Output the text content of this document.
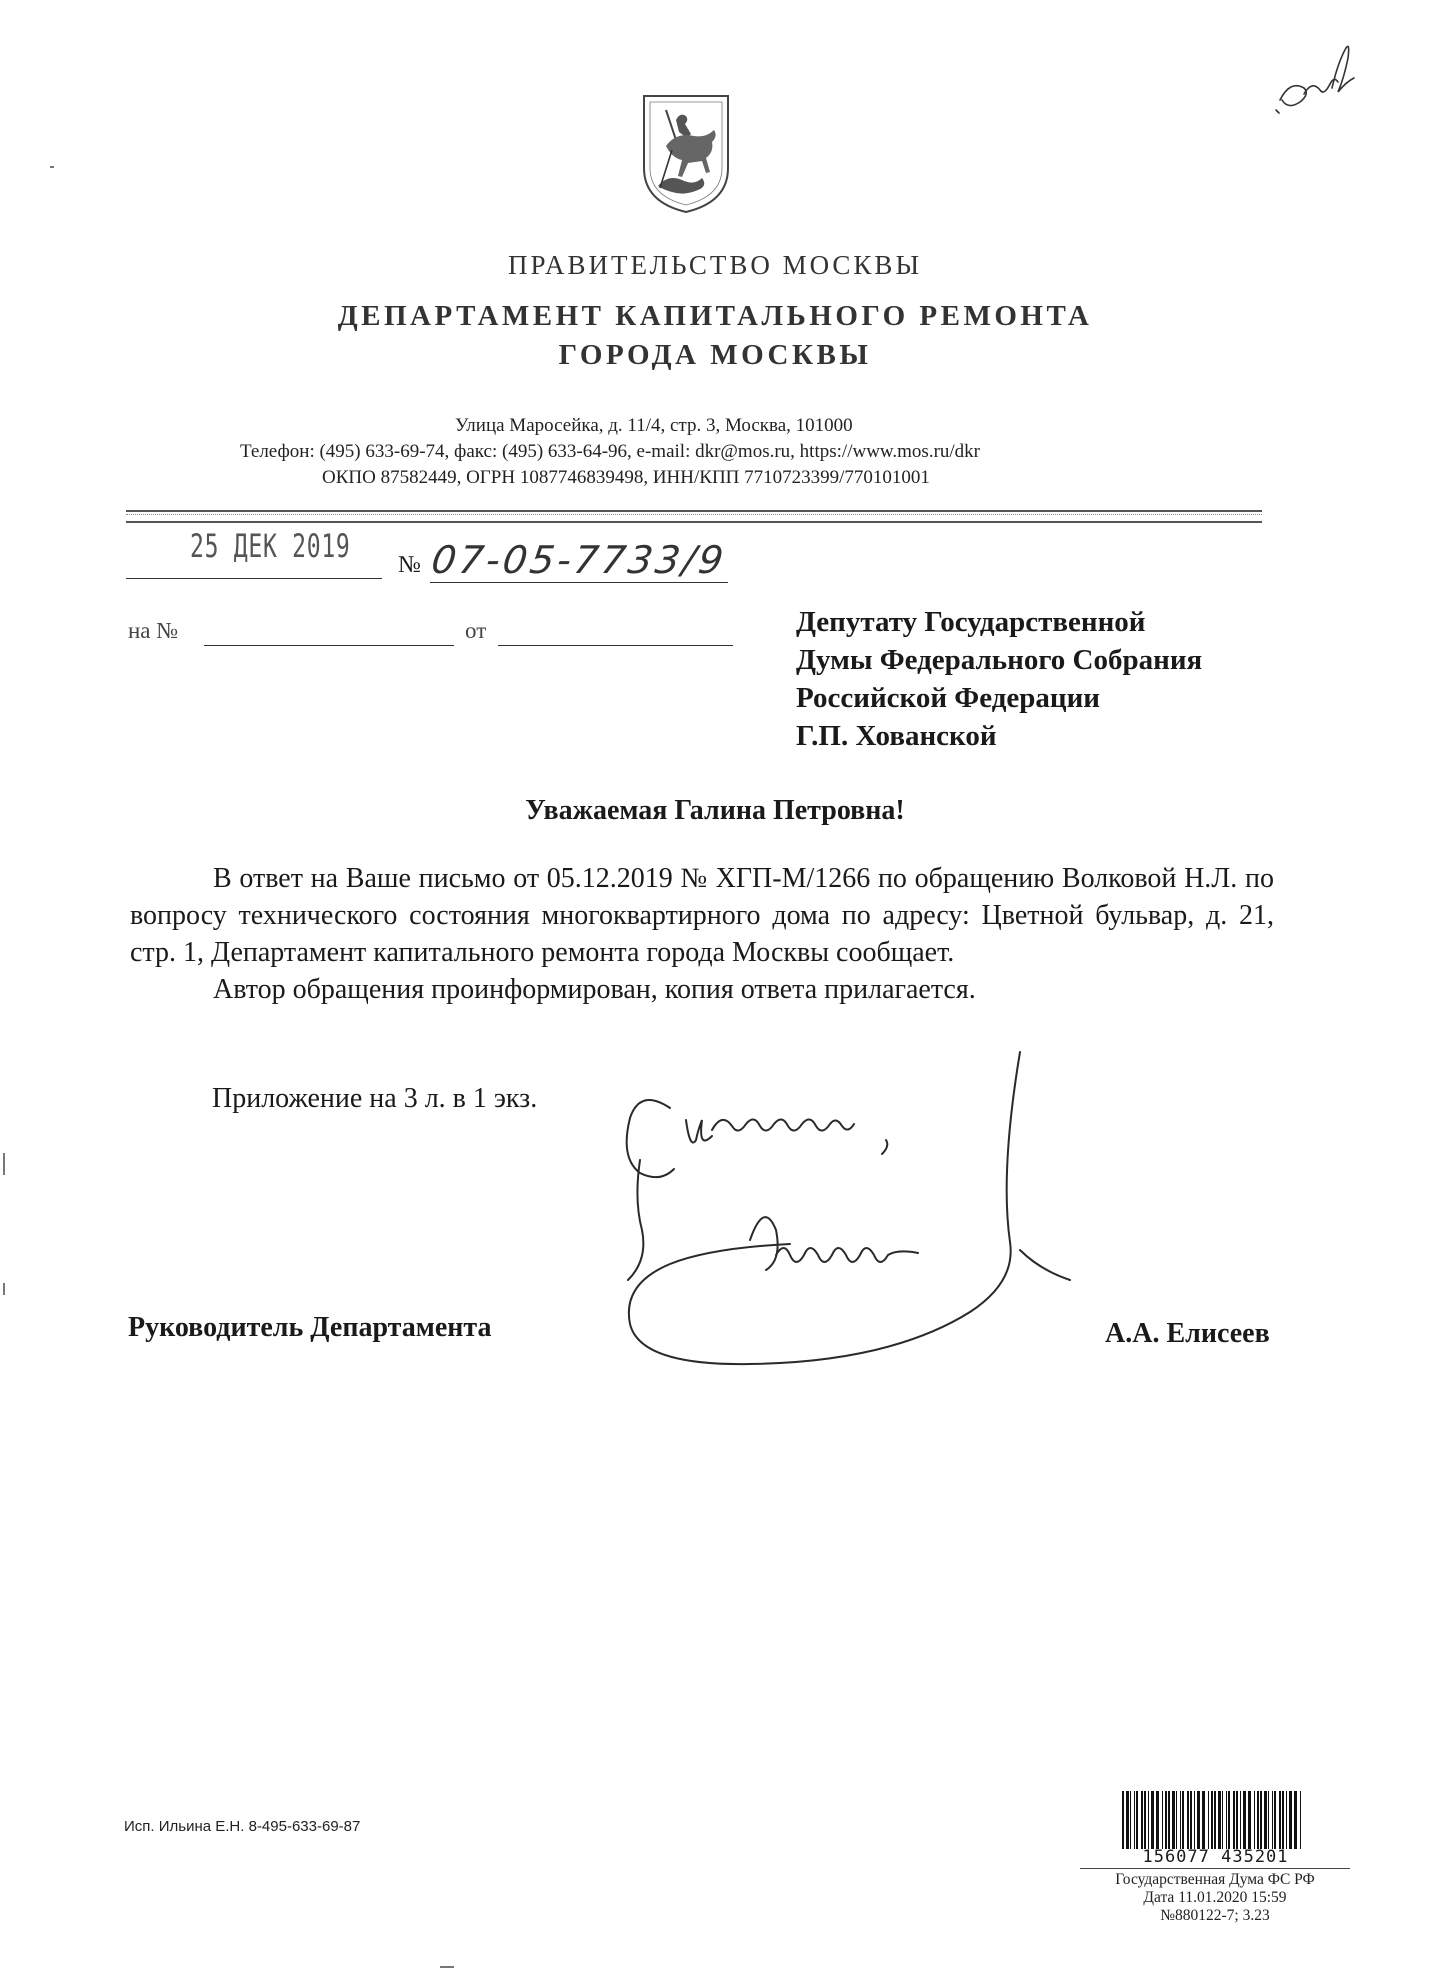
ПРАВИТЕЛЬСТВО МОСКВЫ
ДЕПАРТАМЕНТ КАПИТАЛЬНОГО РЕМОНТА
ГОРОДА МОСКВЫ
Улица Маросейка, д. 11/4, стр. 3, Москва, 101000
Телефон: (495) 633-69-74, факс: (495) 633-64-96, e-mail: dkr@mos.ru, https://www.mos.ru/dkr
ОКПО 87582449, ОГРН 1087746839498, ИНН/КПП 7710723399/770101001
25 ДЕК 2019 № 07-05-7733/9
на №	от	Депутату Государственной
Думы Федерального Собрания
Российской Федерации
Г.П. Хованской
Уважаемая Галина Петровна!

В ответ на Ваше письмо от 05.12.2019 № ХГП-М/1266 по обращению Волковой Н.Л. по вопросу технического состояния многоквартирного дома по адресу: Цветной бульвар, д. 21, стр. 1, Департамент капитального ремонта города Москвы сообщает.

Автор обращения проинформирован, копия ответа прилагается.

Приложение на 3 л. в 1 экз.
Руководитель Департамента	А.А. Елисеев
Исп. Ильина Е.Н. 8-495-633-69-87
156077 435201
Государственная Дума ФС РФ
Дата 11.01.2020 15:59
№880122-7; 3.23
